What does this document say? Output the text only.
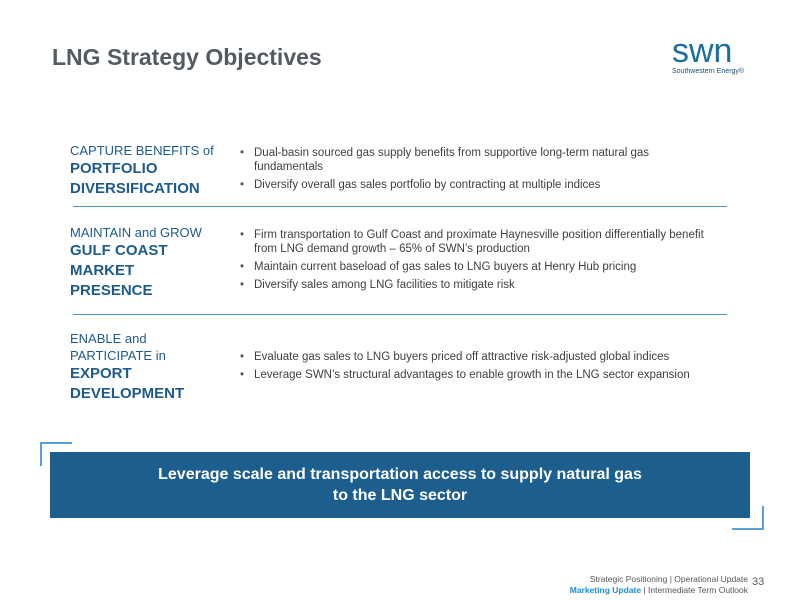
LNG Strategy Objectives	swn
Southwestern Energy®
CAPTURE BENEFITS of
PORTFOLIO
DIVERSIFICATION
• Dual-basin sourced gas supply benefits from supportive long-term natural gas fundamentals
• Diversify overall gas sales portfolio by contracting at multiple indices
MAINTAIN and GROW
GULF COAST
MARKET
PRESENCE
• Firm transportation to Gulf Coast and proximate Haynesville position differentially benefit from LNG demand growth – 65% of SWN’s production
• Maintain current baseload of gas sales to LNG buyers at Henry Hub pricing
• Diversify sales among LNG facilities to mitigate risk
ENABLE and
PARTICIPATE in
EXPORT
DEVELOPMENT
• Evaluate gas sales to LNG buyers priced off attractive risk-adjusted global indices
• Leverage SWN’s structural advantages to enable growth in the LNG sector expansion
Leverage scale and transportation access to supply natural gas
to the LNG sector
Strategic Positioning | Operational Update
Marketing Update | Intermediate Term Outlook
33
